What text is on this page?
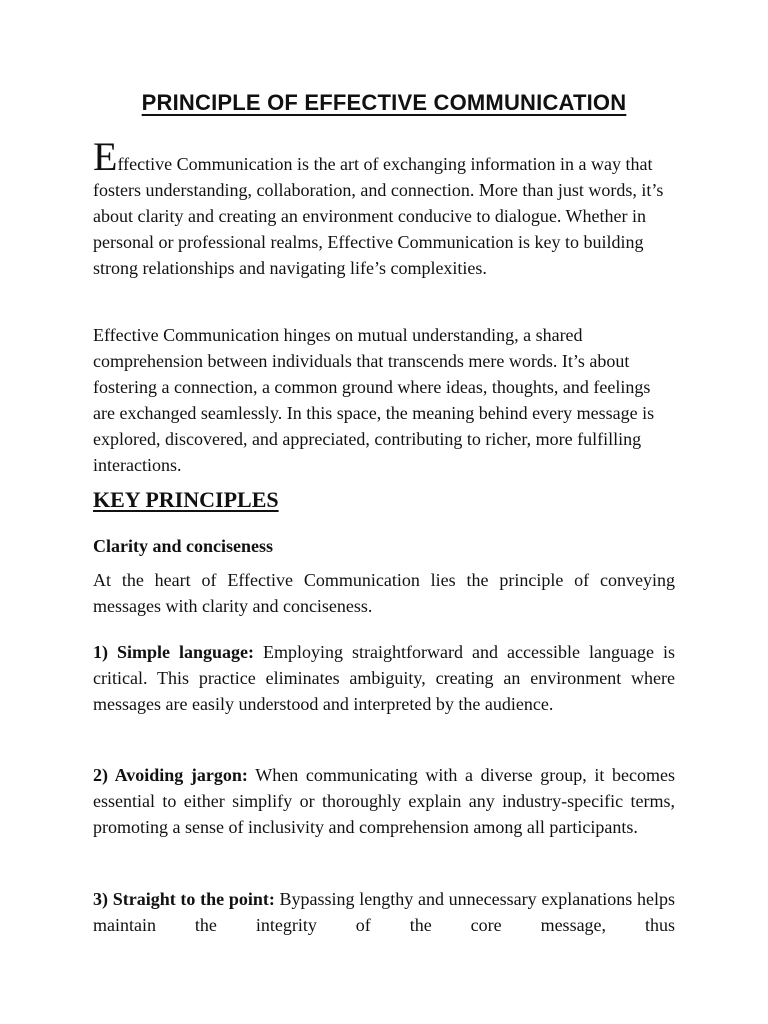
PRINCIPLE OF EFFECTIVE COMMUNICATION

Effective Communication is the art of exchanging information in a way that fosters understanding, collaboration, and connection. More than just words, it’s about clarity and creating an environment conducive to dialogue. Whether in personal or professional realms, Effective Communication is key to building strong relationships and navigating life’s complexities.

Effective Communication hinges on mutual understanding, a shared comprehension between individuals that transcends mere words. It’s about fostering a connection, a common ground where ideas, thoughts, and feelings are exchanged seamlessly. In this space, the meaning behind every message is explored, discovered, and appreciated, contributing to richer, more fulfilling interactions.

KEY PRINCIPLES
Clarity and conciseness

At the heart of Effective Communication lies the principle of conveying messages with clarity and conciseness.

1) Simple language: Employing straightforward and accessible language is critical. This practice eliminates ambiguity, creating an environment where messages are easily understood and interpreted by the audience.

2) Avoiding jargon: When communicating with a diverse group, it becomes essential to either simplify or thoroughly explain any industry-specific terms, promoting a sense of inclusivity and comprehension among all participants.

3) Straight to the point: Bypassing lengthy and unnecessary explanations helps maintain the integrity of the core message, thus
